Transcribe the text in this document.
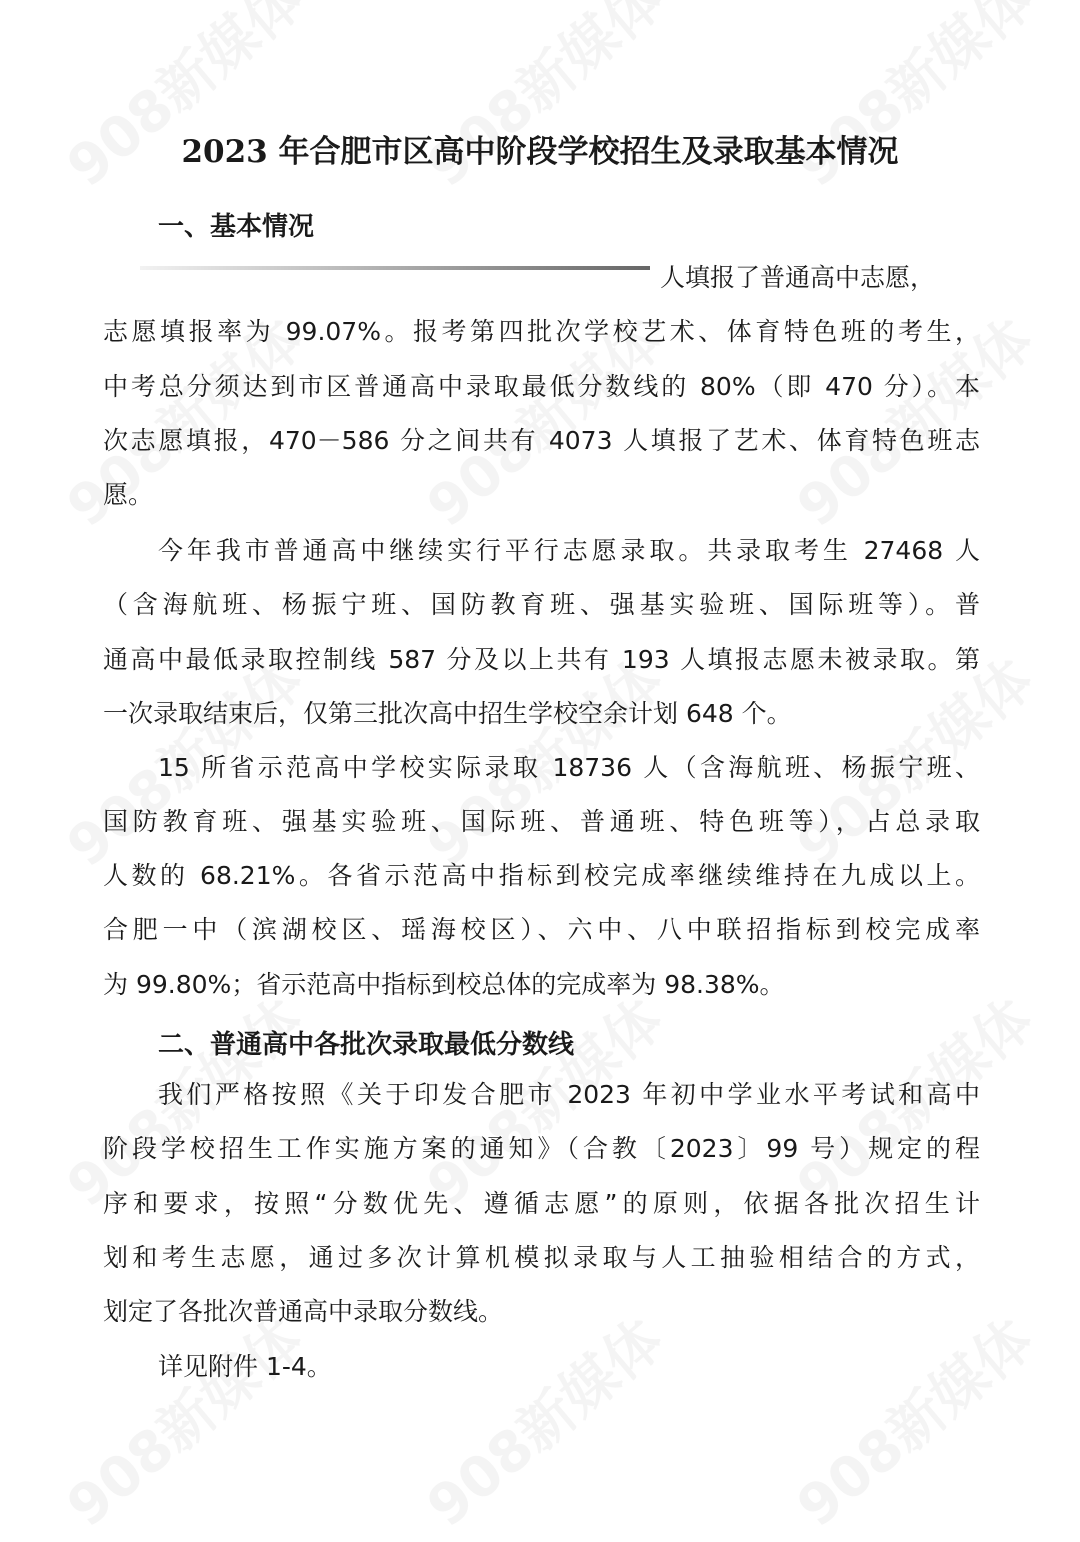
2023 年合肥市区高中阶段学校招生及录取基本情况
一、基本情况
人填报了普通高中志愿，
志愿填报率为 99.07%。报考第四批次学校艺术、体育特色班的考生，
中考总分须达到市区普通高中录取最低分数线的 80%（即 470 分）。本
次志愿填报，470－586 分之间共有 4073 人填报了艺术、体育特色班志
愿。
今年我市普通高中继续实行平行志愿录取。共录取考生 27468 人
（含海航班、杨振宁班、国防教育班、强基实验班、国际班等）。普
通高中最低录取控制线 587 分及以上共有 193 人填报志愿未被录取。第
一次录取结束后，仅第三批次高中招生学校空余计划 648 个。
15 所省示范高中学校实际录取 18736 人（含海航班、杨振宁班、
国防教育班、强基实验班、国际班、普通班、特色班等），占总录取
人数的 68.21%。各省示范高中指标到校完成率继续维持在九成以上。
合肥一中（滨湖校区、瑶海校区）、六中、八中联招指标到校完成率
为 99.80%；省示范高中指标到校总体的完成率为 98.38%。
二、普通高中各批次录取最低分数线
我们严格按照《关于印发合肥市 2023 年初中学业水平考试和高中
阶段学校招生工作实施方案的通知》（合教〔2023〕99 号）规定的程
序和要求，按照“分数优先、遵循志愿”的原则，依据各批次招生计
划和考生志愿，通过多次计算机模拟录取与人工抽验相结合的方式，
划定了各批次普通高中录取分数线。
详见附件 1-4。
